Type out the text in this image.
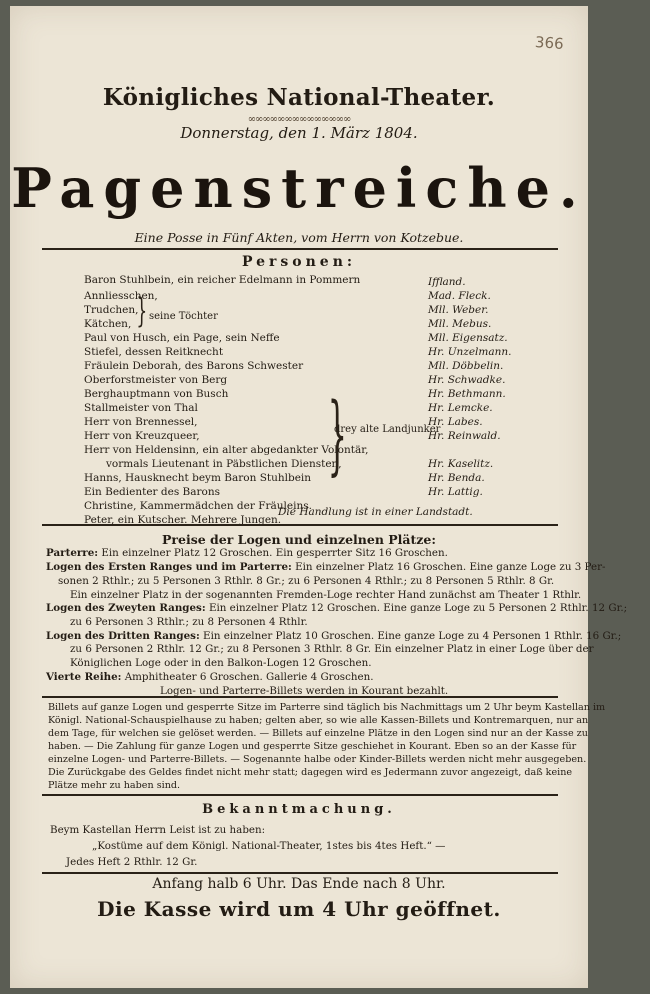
366
Königliches National-Theater.
∞∞∞∞∞∞∞∞∞∞∞∞∞∞
Donnerstag, den 1. März 1804.
Pagenstreiche.
Eine Posse in Fünf Akten, vom Herrn von Kotzebue.
Personen:
Baron Stuhlbein, ein reicher Edelmann in Pommern	Iffland.
Annliesschen,	Mad. Fleck.
Trudchen,	Mll. Weber.
Kätchen,	Mll. Mebus.
Paul von Husch, ein Page, sein Neffe	Mll. Eigensatz.
Stiefel, dessen Reitknecht	Hr. Unzelmann.
Fräulein Deborah, des Barons Schwester	Mll. Döbbelin.
Oberforstmeister von Berg	Hr. Schwadke.
Berghauptmann von Busch	Hr. Bethmann.
Stallmeister von Thal	Hr. Lemcke.
Herr von Brennessel,	Hr. Labes.
Herr von Kreuzqueer,	Hr. Reinwald.
Herr von Heldensinn, ein alter abgedankter Volontär,
vormals Lieutenant in Päbstlichen Diensten,	Hr. Kaselitz.
Hanns, Hausknecht beym Baron Stuhlbein	Hr. Benda.
Ein Bedienter des Barons	Hr. Lattig.
Christine, Kammermädchen der Fräuleins.
Peter, ein Kutscher. Mehrere Jungen.
} seine Töchter
}
drey alte Landjunker
Die Handlung ist in einer Landstadt.
Preise der Logen und einzelnen Plätze:
Parterre: Ein einzelner Platz 12 Groschen. Ein gesperrter Sitz 16 Groschen.
Logen des Ersten Ranges und im Parterre: Ein einzelner Platz 16 Groschen. Eine ganze Loge zu 3 Per-
sonen 2 Rthlr.; zu 5 Personen 3 Rthlr. 8 Gr.; zu 6 Personen 4 Rthlr.; zu 8 Personen 5 Rthlr. 8 Gr.
Ein einzelner Platz in der sogenannten Fremden-Loge rechter Hand zunächst am Theater 1 Rthlr.
Logen des Zweyten Ranges: Ein einzelner Platz 12 Groschen. Eine ganze Loge zu 5 Personen 2 Rthlr. 12 Gr.;
zu 6 Personen 3 Rthlr.; zu 8 Personen 4 Rthlr.
Logen des Dritten Ranges: Ein einzelner Platz 10 Groschen. Eine ganze Loge zu 4 Personen 1 Rthlr. 16 Gr.;
zu 6 Personen 2 Rthlr. 12 Gr.; zu 8 Personen 3 Rthlr. 8 Gr. Ein einzelner Platz in einer Loge über der
Königlichen Loge oder in den Balkon-Logen 12 Groschen.
Vierte Reihe: Amphitheater 6 Groschen. Gallerie 4 Groschen.
Logen- und Parterre-Billets werden in Kourant bezahlt.
Billets auf ganze Logen und gesperrte Sitze im Parterre sind täglich bis Nachmittags um 2 Uhr beym Kastellan im
Königl. National-Schauspielhause zu haben; gelten aber, so wie alle Kassen-Billets und Kontremarquen, nur an
dem Tage, für welchen sie gelöset werden. — Billets auf einzelne Plätze in den Logen sind nur an der Kasse zu
haben. — Die Zahlung für ganze Logen und gesperrte Sitze geschiehet in Kourant. Eben so an der Kasse für
einzelne Logen- und Parterre-Billets. — Sogenannte halbe oder Kinder-Billets werden nicht mehr ausgegeben.
Die Zurückgabe des Geldes findet nicht mehr statt; dagegen wird es Jedermann zuvor angezeigt, daß keine
Plätze mehr zu haben sind.
Bekanntmachung.
Beym Kastellan Herrn Leist ist zu haben:
„Kostüme auf dem Königl. National-Theater, 1stes bis 4tes Heft.“ —
Jedes Heft 2 Rthlr. 12 Gr.
Anfang halb 6 Uhr. Das Ende nach 8 Uhr.
Die Kasse wird um 4 Uhr geöffnet.
